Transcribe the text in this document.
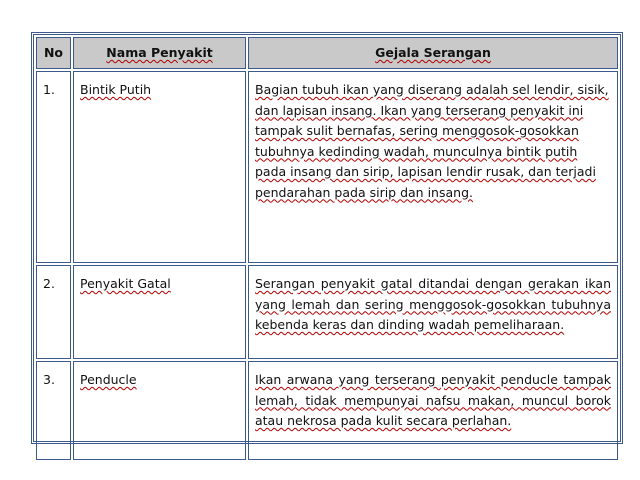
No	Nama Penyakit	Gejala Serangan
1.	Bintik Putih	Bagian tubuh ikan yang diserang adalah sel lendir, sisik, dan lapisan insang. Ikan yang terserang penyakit ini tampak sulit bernafas, sering menggosok-gosokkan tubuhnya kedinding wadah, munculnya bintik putih pada insang dan sirip, lapisan lendir rusak, dan terjadi pendarahan pada sirip dan insang.
2.	Penyakit Gatal	Serangan penyakit gatal ditandai dengan gerakan ikan yang lemah dan sering menggosok-gosokkan tubuhnya kebenda keras dan dinding wadah pemeliharaan.
3.	Penducle	Ikan arwana yang terserang penyakit penducle tampak lemah, tidak mempunyai nafsu makan, muncul borok atau nekrosa pada kulit secara perlahan.
